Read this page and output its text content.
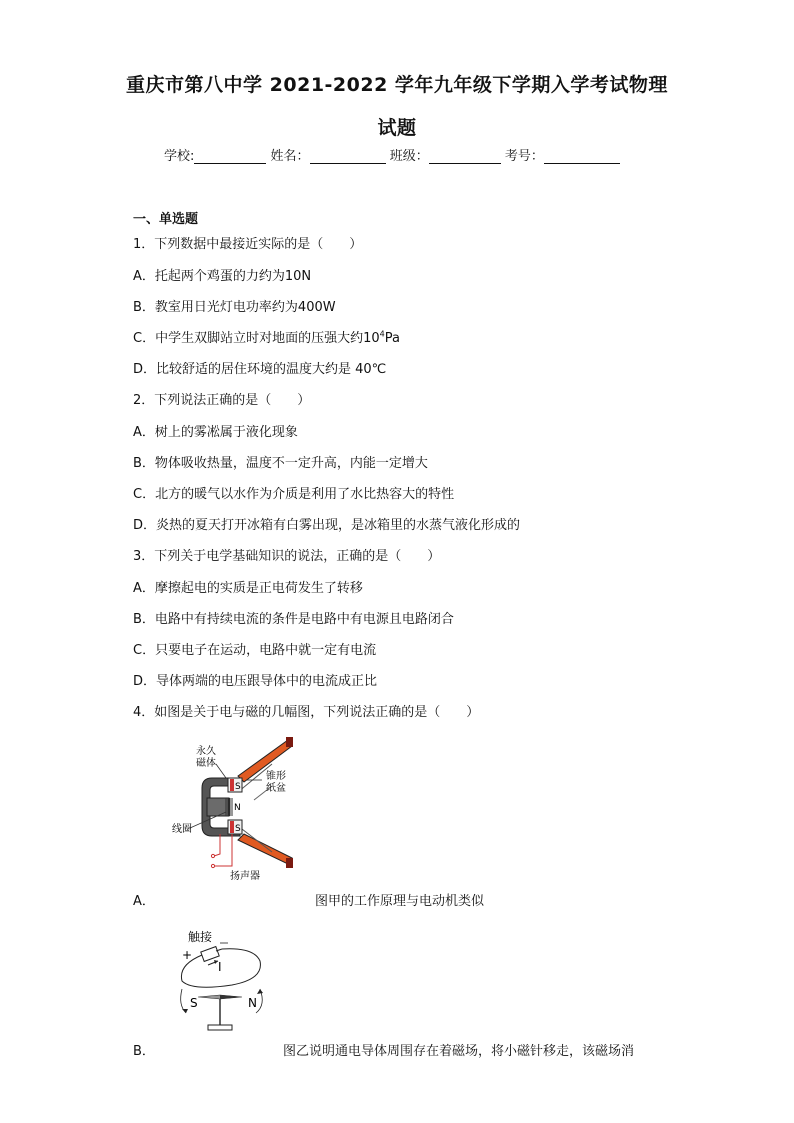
重庆市第八中学 2021-2022 学年九年级下学期入学考试物理
试题
学校:	姓名：	班级：	考号：
一、单选题
1．下列数据中最接近实际的是（　　）
A．托起两个鸡蛋的力约为10N
B．教室用日光灯电功率约为400W
C．中学生双脚站立时对地面的压强大约$10^4Pa$
D．比较舒适的居住环境的温度大约是 40℃
2．下列说法正确的是（　　）
A．树上的雾凇属于液化现象
B．物体吸收热量，温度不一定升高，内能一定增大
C．北方的暖气以水作为介质是利用了水比热容大的特性
D．炎热的夏天打开冰箱有白雾出现，是冰箱里的水蒸气液化形成的
3．下列关于电学基础知识的说法，正确的是（　　）
A．摩擦起电的实质是正电荷发生了转移
B．电路中有持续电流的条件是电路中有电源且电路闭合
C．只要电子在运动，电路中就一定有电流
D．导体两端的电压跟导体中的电流成正比
4．如图是关于电与磁的几幅图，下列说法正确的是（　　）
S
S
N
永久
磁体
锥形
纸盆
线圈
扬声器
A．	图甲的工作原理与电动机类似
触接
+
I
S	N
B．	图乙说明通电导体周围存在着磁场，将小磁针移走，该磁场消
